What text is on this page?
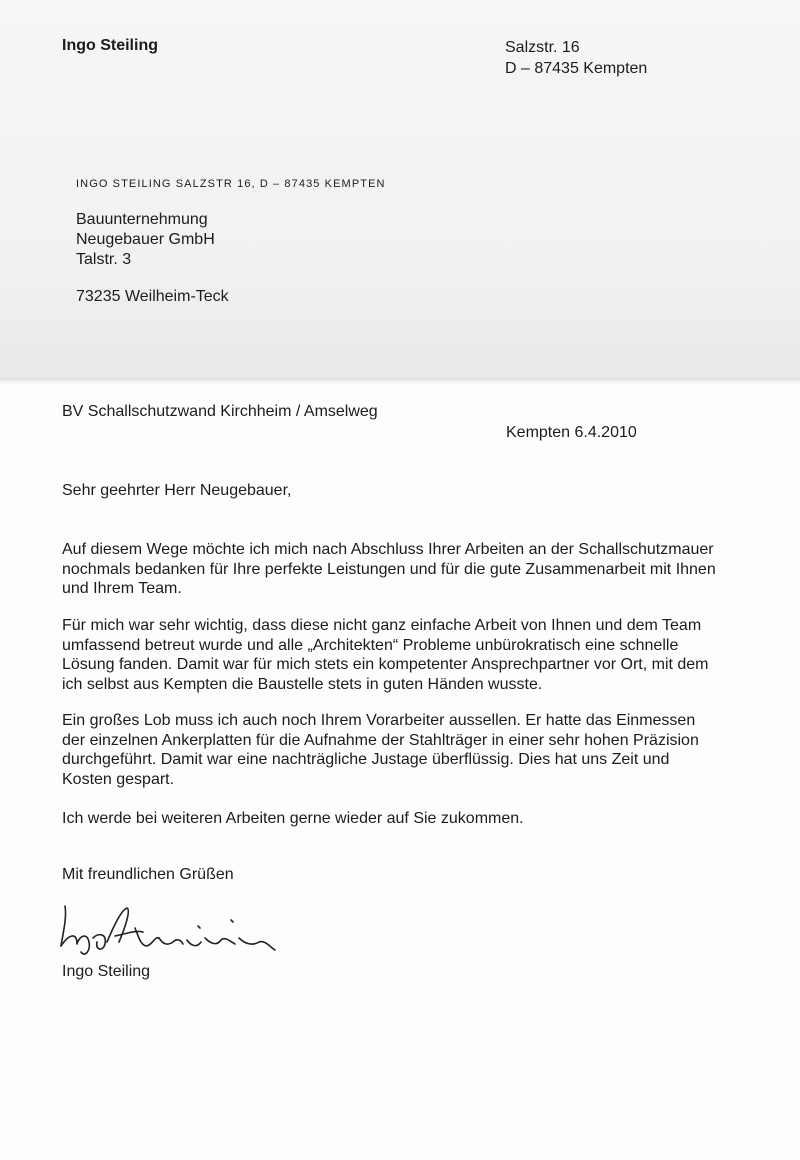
Ingo Steiling	Salzstr. 16
D – 87435 Kempten
INGO STEILING SALZSTR 16, D – 87435 KEMPTEN
Bauunternehmung
Neugebauer GmbH
Talstr. 3
73235 Weilheim-Teck
BV Schallschutzwand Kirchheim / Amselweg
Kempten 6.4.2010
Sehr geehrter Herr Neugebauer,
Auf diesem Wege möchte ich mich nach Abschluss Ihrer Arbeiten an der Schallschutzmauer
nochmals bedanken für Ihre perfekte Leistungen und für die gute Zusammenarbeit mit Ihnen
und Ihrem Team.
Für mich war sehr wichtig, dass diese nicht ganz einfache Arbeit von Ihnen und dem Team
umfassend betreut wurde und alle „Architekten“ Probleme unbürokratisch eine schnelle
Lösung fanden. Damit war für mich stets ein kompetenter Ansprechpartner vor Ort, mit dem
ich selbst aus Kempten die Baustelle stets in guten Händen wusste.
Ein großes Lob muss ich auch noch Ihrem Vorarbeiter aussellen. Er hatte das Einmessen
der einzelnen Ankerplatten für die Aufnahme der Stahlträger in einer sehr hohen Präzision
durchgeführt. Damit war eine nachträgliche Justage überflüssig. Dies hat uns Zeit und
Kosten gespart.
Ich werde bei weiteren Arbeiten gerne wieder auf Sie zukommen.
Mit freundlichen Grüßen
Ingo Steiling
